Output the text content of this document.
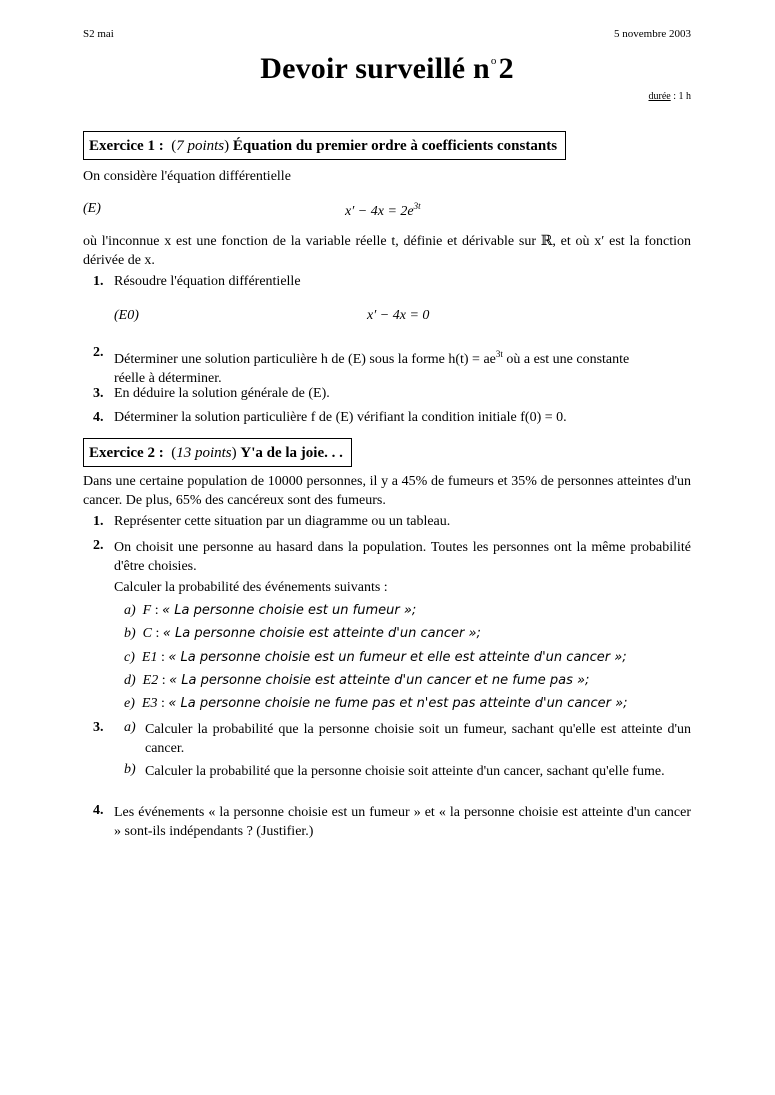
S2 mai	5 novembre 2003
Devoir surveillé $n^o2$
durée : 1 h
Exercice 1 :  (7 points) Équation du premier ordre à coefficients constants
On considère l'équation différentielle
(E)	$x' - 4x = 2e^{3t}$
où l'inconnue x est une fonction de la variable réelle t, définie et dérivable sur ℝ, et où x′ est la fonction dérivée de x.
1. Résoudre l'équation différentielle
(E0)	x′ − 4x = 0
2. Déterminer une solution particulière h de (E) sous la forme $h(t) = ae^{3t}$ où a est une constante
réelle à déterminer.
3. En déduire la solution générale de (E).
4. Déterminer la solution particulière f de (E) vérifiant la condition initiale f(0) = 0.
Exercice 2 :  (13 points) Y'a de la joie. . .
Dans une certaine population de 10000 personnes, il y a 45% de fumeurs et 35% de personnes atteintes d'un cancer. De plus, 65% des cancéreux sont des fumeurs.
1. Représenter cette situation par un diagramme ou un tableau.
2. On choisit une personne au hasard dans la population. Toutes les personnes ont la même probabilité d'être choisies.
Calculer la probabilité des événements suivants :
a) F : « La personne choisie est un fumeur »;
b) C : « La personne choisie est atteinte d'un cancer »;
c) E1 : « La personne choisie est un fumeur et elle est atteinte d'un cancer »;
d) E2 : « La personne choisie est atteinte d'un cancer et ne fume pas »;
e) E3 : « La personne choisie ne fume pas et n'est pas atteinte d'un cancer »;
3. a) Calculer la probabilité que la personne choisie soit un fumeur, sachant qu'elle est atteinte d'un cancer.
b) Calculer la probabilité que la personne choisie soit atteinte d'un cancer, sachant qu'elle fume.
4. Les événements « la personne choisie est un fumeur » et « la personne choisie est atteinte d'un cancer » sont-ils indépendants ? (Justifier.)
